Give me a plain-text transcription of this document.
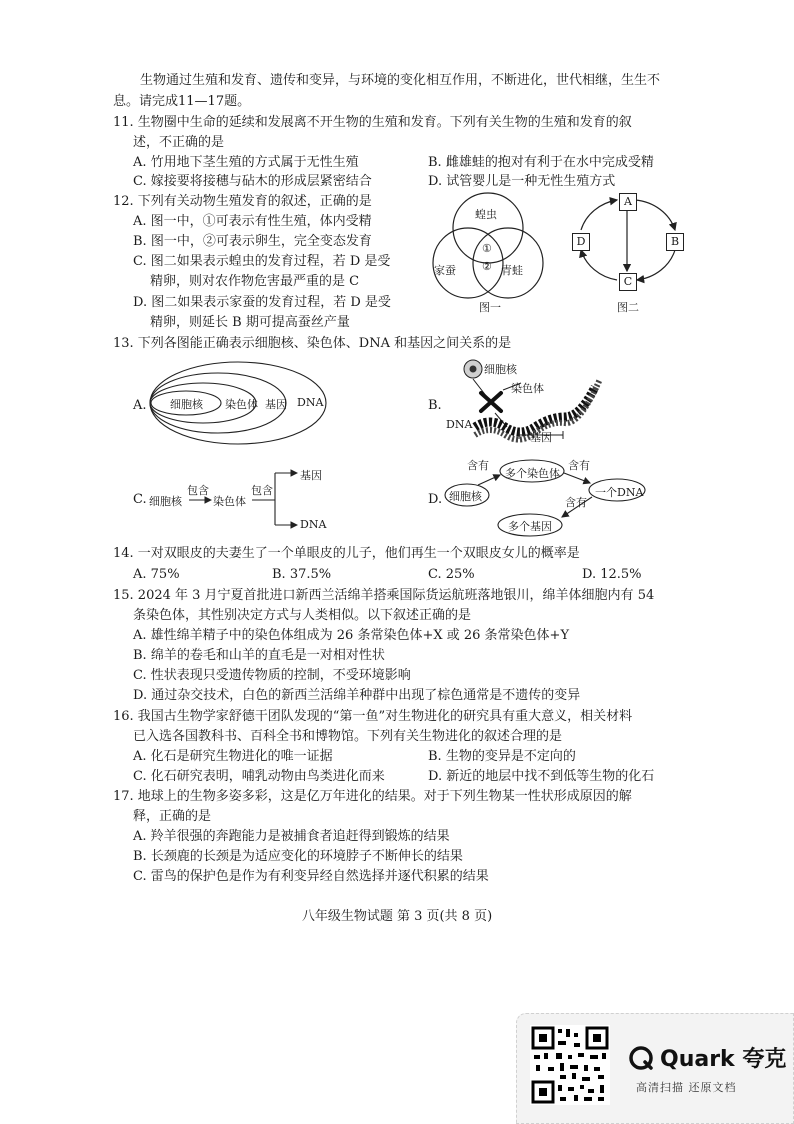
生物通过生殖和发育、遗传和变异，与环境的变化相互作用，不断进化，世代相继，生生不
息。请完成11—17题。
11. 生物圈中生命的延续和发展离不开生物的生殖和发育。下列有关生物的生殖和发育的叙
述，不正确的是
A. 竹用地下茎生殖的方式属于无性生殖	B. 雌雄蛙的抱对有利于在水中完成受精
C. 嫁接要将接穗与砧木的形成层紧密结合	D. 试管婴儿是一种无性生殖方式
12. 下列有关动物生殖发育的叙述，正确的是
A. 图一中，①可表示有性生殖，体内受精
B. 图一中，②可表示卵生，完全变态发育
C. 图二如果表示蝗虫的发育过程，若 D 是受
精卵，则对农作物危害最严重的是 C
D. 图二如果表示家蚕的发育过程，若 D 是受
精卵，则延长 B 期可提高蚕丝产量
蝗虫
家蚕	青蛙
①
②
图一
A
B
C
D
图二
13. 下列各图能正确表示细胞核、染色体、DNA 和基因之间关系的是
A. 细胞核 染色体 基因 DNA	B.
细胞核
染色体
DNA
基因
C. 细胞核
包含
染色体
包含
基因
DNA
D. 细胞核
含有
多个染色体
含有
一个DNA
含有
多个基因
14. 一对双眼皮的夫妻生了一个单眼皮的儿子，他们再生一个双眼皮女儿的概率是
A. 75%	B. 37.5%	C. 25%	D. 12.5%
15. 2024 年 3 月宁夏首批进口新西兰活绵羊搭乘国际货运航班落地银川，绵羊体细胞内有 54
条染色体，其性别决定方式与人类相似。以下叙述正确的是
A. 雄性绵羊精子中的染色体组成为 26 条常染色体+X 或 26 条常染色体+Y
B. 绵羊的卷毛和山羊的直毛是一对相对性状
C. 性状表现只受遗传物质的控制，不受环境影响
D. 通过杂交技术，白色的新西兰活绵羊种群中出现了棕色通常是不遗传的变异
16. 我国古生物学家舒德干团队发现的“第一鱼”对生物进化的研究具有重大意义，相关材料
已入选各国教科书、百科全书和博物馆。下列有关生物进化的叙述合理的是
A. 化石是研究生物进化的唯一证据	B. 生物的变异是不定向的
C. 化石研究表明，哺乳动物由鸟类进化而来	D. 新近的地层中找不到低等生物的化石
17. 地球上的生物多姿多彩，这是亿万年进化的结果。对于下列生物某一性状形成原因的解
释，正确的是
A. 羚羊很强的奔跑能力是被捕食者追赶得到锻炼的结果
B. 长颈鹿的长颈是为适应变化的环境脖子不断伸长的结果
C. 雷鸟的保护色是作为有利变异经自然选择并逐代积累的结果
八年级生物试题 第 3 页(共 8 页)
Quark 夸克
高清扫描 还原文档
